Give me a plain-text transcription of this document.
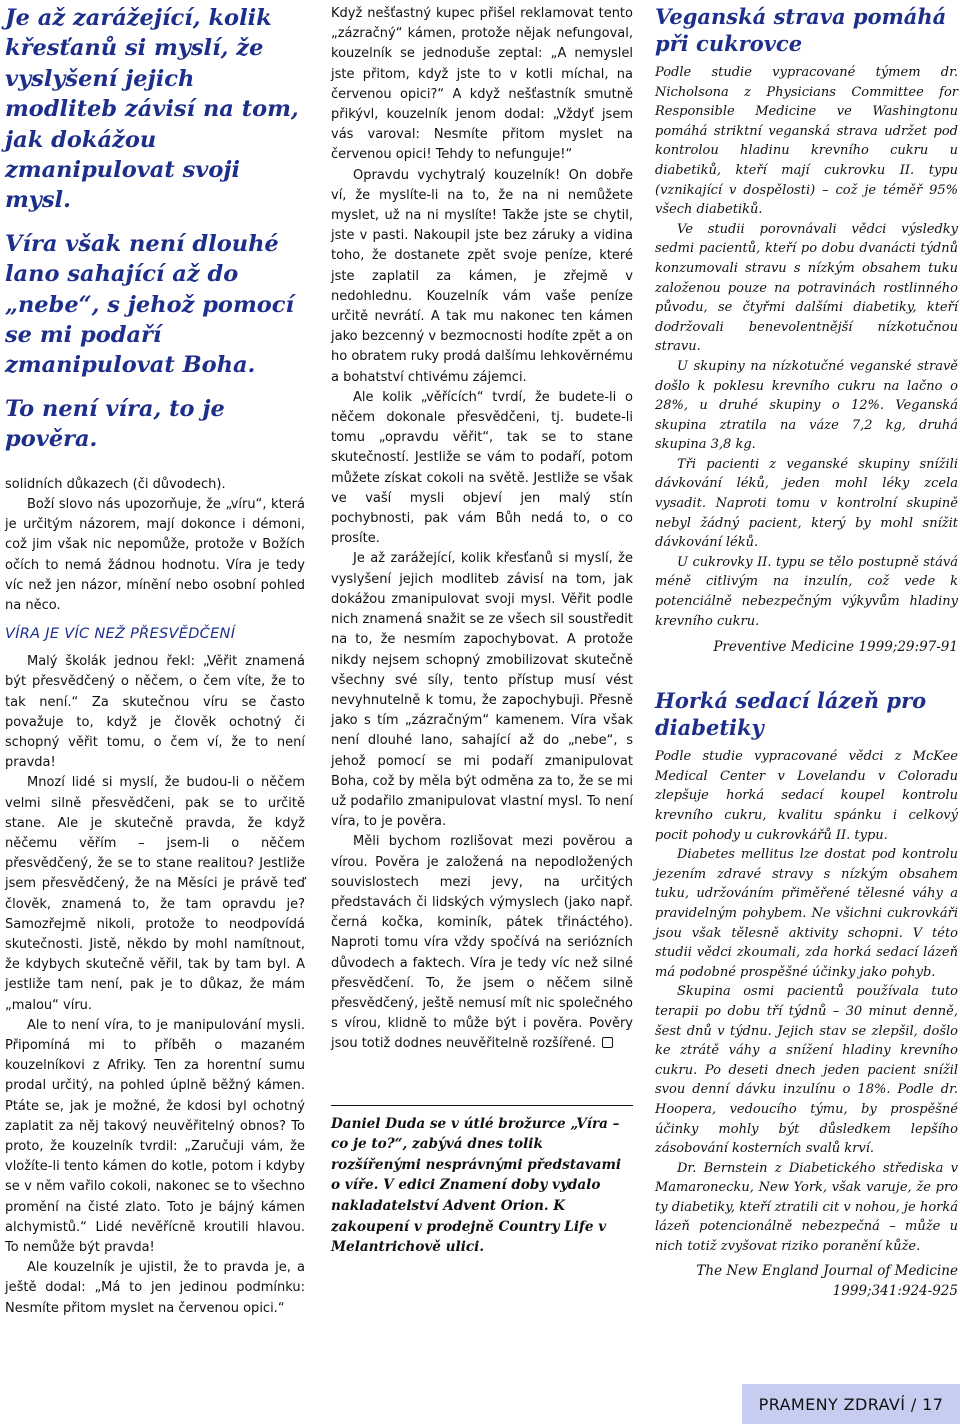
Je až zarážející, kolik křesťanů si myslí, že vyslyšení jejich modliteb závisí na tom, jak dokážou zmanipulovat svoji mysl.

Víra však není dlouhé lano sahající až do „nebe“, s jehož pomocí se mi podaří zmanipulovat Boha.

To není víra, to je pověra.

solidních důkazech (či důvodech).

Boží slovo nás upozorňuje, že „víru“, která je určitým názorem, mají dokonce i démoni, což jim však nic nepomůže, protože v Božích očích to nemá žádnou hodnotu. Víra je tedy víc než jen názor, mínění nebo osobní pohled na něco.

VÍRA JE VÍC NEŽ PŘESVĚDČENÍ

Malý školák jednou řekl: „Věřit znamená být přesvědčený o něčem, o čem víte, že to tak není.“ Za skutečnou víru se často považuje to, když je člověk ochotný či schopný věřit tomu, o čem ví, že to není pravda!

Mnozí lidé si myslí, že budou-li o něčem velmi silně přesvědčeni, pak se to určitě stane. Ale je skutečně pravda, že když něčemu věřím – jsem-li o něčem přesvědčený, že se to stane realitou? Jestliže jsem přesvědčený, že na Měsíci je právě teď člověk, znamená to, že tam opravdu je? Samozřejmě nikoli, protože to neodpovídá skutečnosti. Jistě, někdo by mohl namítnout, že kdybych skutečně věřil, tak by tam byl. A jestliže tam není, pak je to důkaz, že mám „malou“ víru.

Ale to není víra, to je manipulování mysli. Připomíná mi to příběh o mazaném kouzelníkovi z Afriky. Ten za horentní sumu prodal určitý, na pohled úplně běžný kámen. Ptáte se, jak je možné, že kdosi byl ochotný zaplatit za něj takový neuvěřitelný obnos? To proto, že kouzelník tvrdil: „Zaručuji vám, že vložíte-li tento kámen do kotle, potom i kdyby se v něm vařilo cokoli, nakonec se to všechno promění na čisté zlato. Toto je bájný kámen alchymistů.“ Lidé nevěřícně kroutili hlavou. To nemůže být pravda!

Ale kouzelník je ujistil, že to pravda je, a ještě dodal: „Má to jen jedinou podmínku: Nesmíte přitom myslet na červenou opici.“

Když nešťastný kupec přišel reklamovat tento „zázračný“ kámen, protože nějak nefungoval, kouzelník se jednoduše zeptal: „A nemyslel jste přitom, když jste to v kotli míchal, na červenou opici?“ A když nešťastník smutně přikývl, kouzelník jenom dodal: „Vždyť jsem vás varoval: Nesmíte přitom myslet na červenou opici! Tehdy to nefunguje!“

Opravdu vychytralý kouzelník! On dobře ví, že myslíte-li na to, že na ni nemůžete myslet, už na ni myslíte! Takže jste se chytil, jste v pasti. Nakoupil jste bez záruky a vidina toho, že dostanete zpět svoje peníze, které jste zaplatil za kámen, je zřejmě v nedohlednu. Kouzelník vám vaše peníze určitě nevrátí. A tak mu nakonec ten kámen jako bezcenný v bezmocnosti hodíte zpět a on ho obratem ruky prodá dalšímu lehkověrnému a bohatství chtivému zájemci.

Ale kolik „věřících“ tvrdí, že budete-li o něčem dokonale přesvědčeni, tj. budete-li tomu „opravdu věřit“, tak se to stane skutečností. Jestliže se vám to podaří, potom můžete získat cokoli na světě. Jestliže se však ve vaší mysli objeví jen malý stín pochybnosti, pak vám Bůh nedá to, o co prosíte.

Je až zarážející, kolik křesťanů si myslí, že vyslyšení jejich modliteb závisí na tom, jak dokážou zmanipulovat svoji mysl. Věřit podle nich znamená snažit se ze všech sil soustředit na to, že nesmím zapochybovat. A protože nikdy nejsem schopný zmobilizovat skutečně všechny své síly, tento přístup musí vést nevyhnutelně k tomu, že zapochybuji. Přesně jako s tím „zázračným“ kamenem. Víra však není dlouhé lano, sahající až do „nebe“, s jehož pomocí se mi podaří zmanipulovat Boha, což by měla být odměna za to, že se mi už podařilo zmanipulovat vlastní mysl. To není víra, to je pověra.

Měli bychom rozlišovat mezi pověrou a vírou. Pověra je založená na nepodložených souvislostech mezi jevy, na určitých představách či lidských výmyslech (jako např. černá kočka, kominík, pátek třináctého). Naproti tomu víra vždy spočívá na seriózních důvodech a faktech. Víra je tedy víc než silné přesvědčení. To, že jsem o něčem silně přesvědčený, ještě nemusí mít nic společného s vírou, klidně to může být i pověra. Pověry jsou totiž dodnes neuvěřitelně rozšířené.

Daniel Duda se v útlé brožurce „Víra – co je to?“, zabývá dnes tolik rozšířenými nesprávnými představami o víře. V edici Znamení doby vydalo nakladatelství Advent Orion. K zakoupení v prodejně Country Life v Melantrichově ulici.
Veganská strava pomáhá při cukrovce

Podle studie vypracované týmem dr. Nicholsona z Physicians Committee for Responsible Medicine ve Washingtonu pomáhá striktní veganská strava udržet pod kontrolou hladinu krevního cukru u diabetiků, kteří mají cukrovku II. typu (vznikající v dospělosti) – což je téměř 95% všech diabetiků.

Ve studii porovnávali vědci výsledky sedmi pacientů, kteří po dobu dvanácti týdnů konzumovali stravu s nízkým obsahem tuku založenou pouze na potravinách rostlinného původu, se čtyřmi dalšími diabetiky, kteří dodržovali benevolentnější nízkotučnou stravu.

U skupiny na nízkotučné veganské stravě došlo k poklesu krevního cukru na lačno o 28%, u druhé skupiny o 12%. Veganská skupina ztratila na váze 7,2 kg, druhá skupina 3,8 kg.

Tři pacienti z veganské skupiny snížili dávkování léků, jeden mohl léky zcela vysadit. Naproti tomu v kontrolní skupině nebyl žádný pacient, který by mohl snížit dávkování léků.

U cukrovky II. typu se tělo postupně stává méně citlivým na inzulín, což vede k potenciálně nebezpečným výkyvům hladiny krevního cukru.

Preventive Medicine 1999;29:97-91
Horká sedací lázeň pro diabetiky

Podle studie vypracované vědci z McKee Medical Center v Lovelandu v Coloradu zlepšuje horká sedací koupel kontrolu krevního cukru, kvalitu spánku i celkový pocit pohody u cukrovkářů II. typu.

Diabetes mellitus lze dostat pod kontrolu jezením zdravé stravy s nízkým obsahem tuku, udržováním přiměřené tělesné váhy a pravidelným pohybem. Ne všichni cukrovkáři jsou však tělesně aktivity schopni. V této studii vědci zkoumali, zda horká sedací lázeň má podobné prospěšné účinky jako pohyb.

Skupina osmi pacientů používala tuto terapii po dobu tří týdnů – 30 minut denně, šest dnů v týdnu. Jejich stav se zlepšil, došlo ke ztrátě váhy a snížení hladiny krevního cukru. Po deseti dnech jeden pacient snížil svou denní dávku inzulínu o 18%. Podle dr. Hoopera, vedoucího týmu, by prospěšné účinky mohly být důsledkem lepšího zásobování kosterních svalů krví.

Dr. Bernstein z Diabetického střediska v Mamaronecku, New York, však varuje, že pro ty diabetiky, kteří ztratili cit v nohou, je horká lázeň potencionálně nebezpečná – může u nich totiž zvyšovat riziko poranění kůže.

The New England Journal of Medicine 1999;341:924-925
PRAMENY ZDRAVÍ / 17
